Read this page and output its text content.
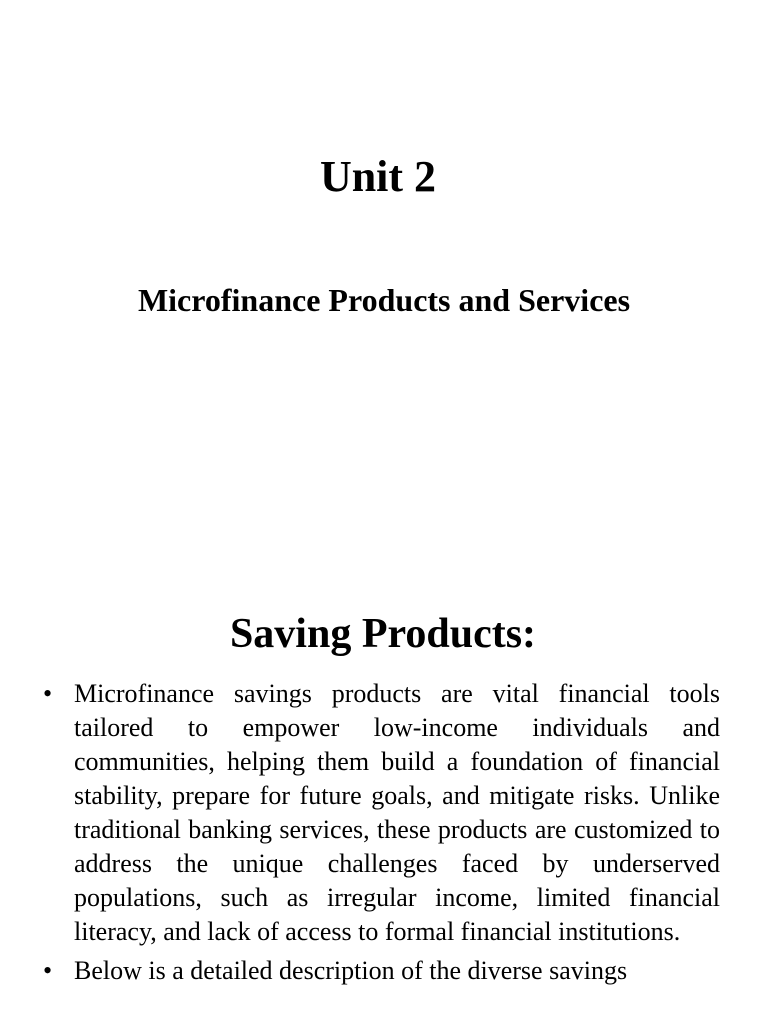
Unit 2
Microfinance Products and Services
Saving Products:
• Microfinance savings products are vital financial tools tailored to empower low-income individuals and communities, helping them build a foundation of financial stability, prepare for future goals, and mitigate risks. Unlike traditional banking services, these products are customized to address the unique challenges faced by underserved populations, such as irregular income, limited financial literacy, and lack of access to formal financial institutions.
• Below is a detailed description of the diverse savings
